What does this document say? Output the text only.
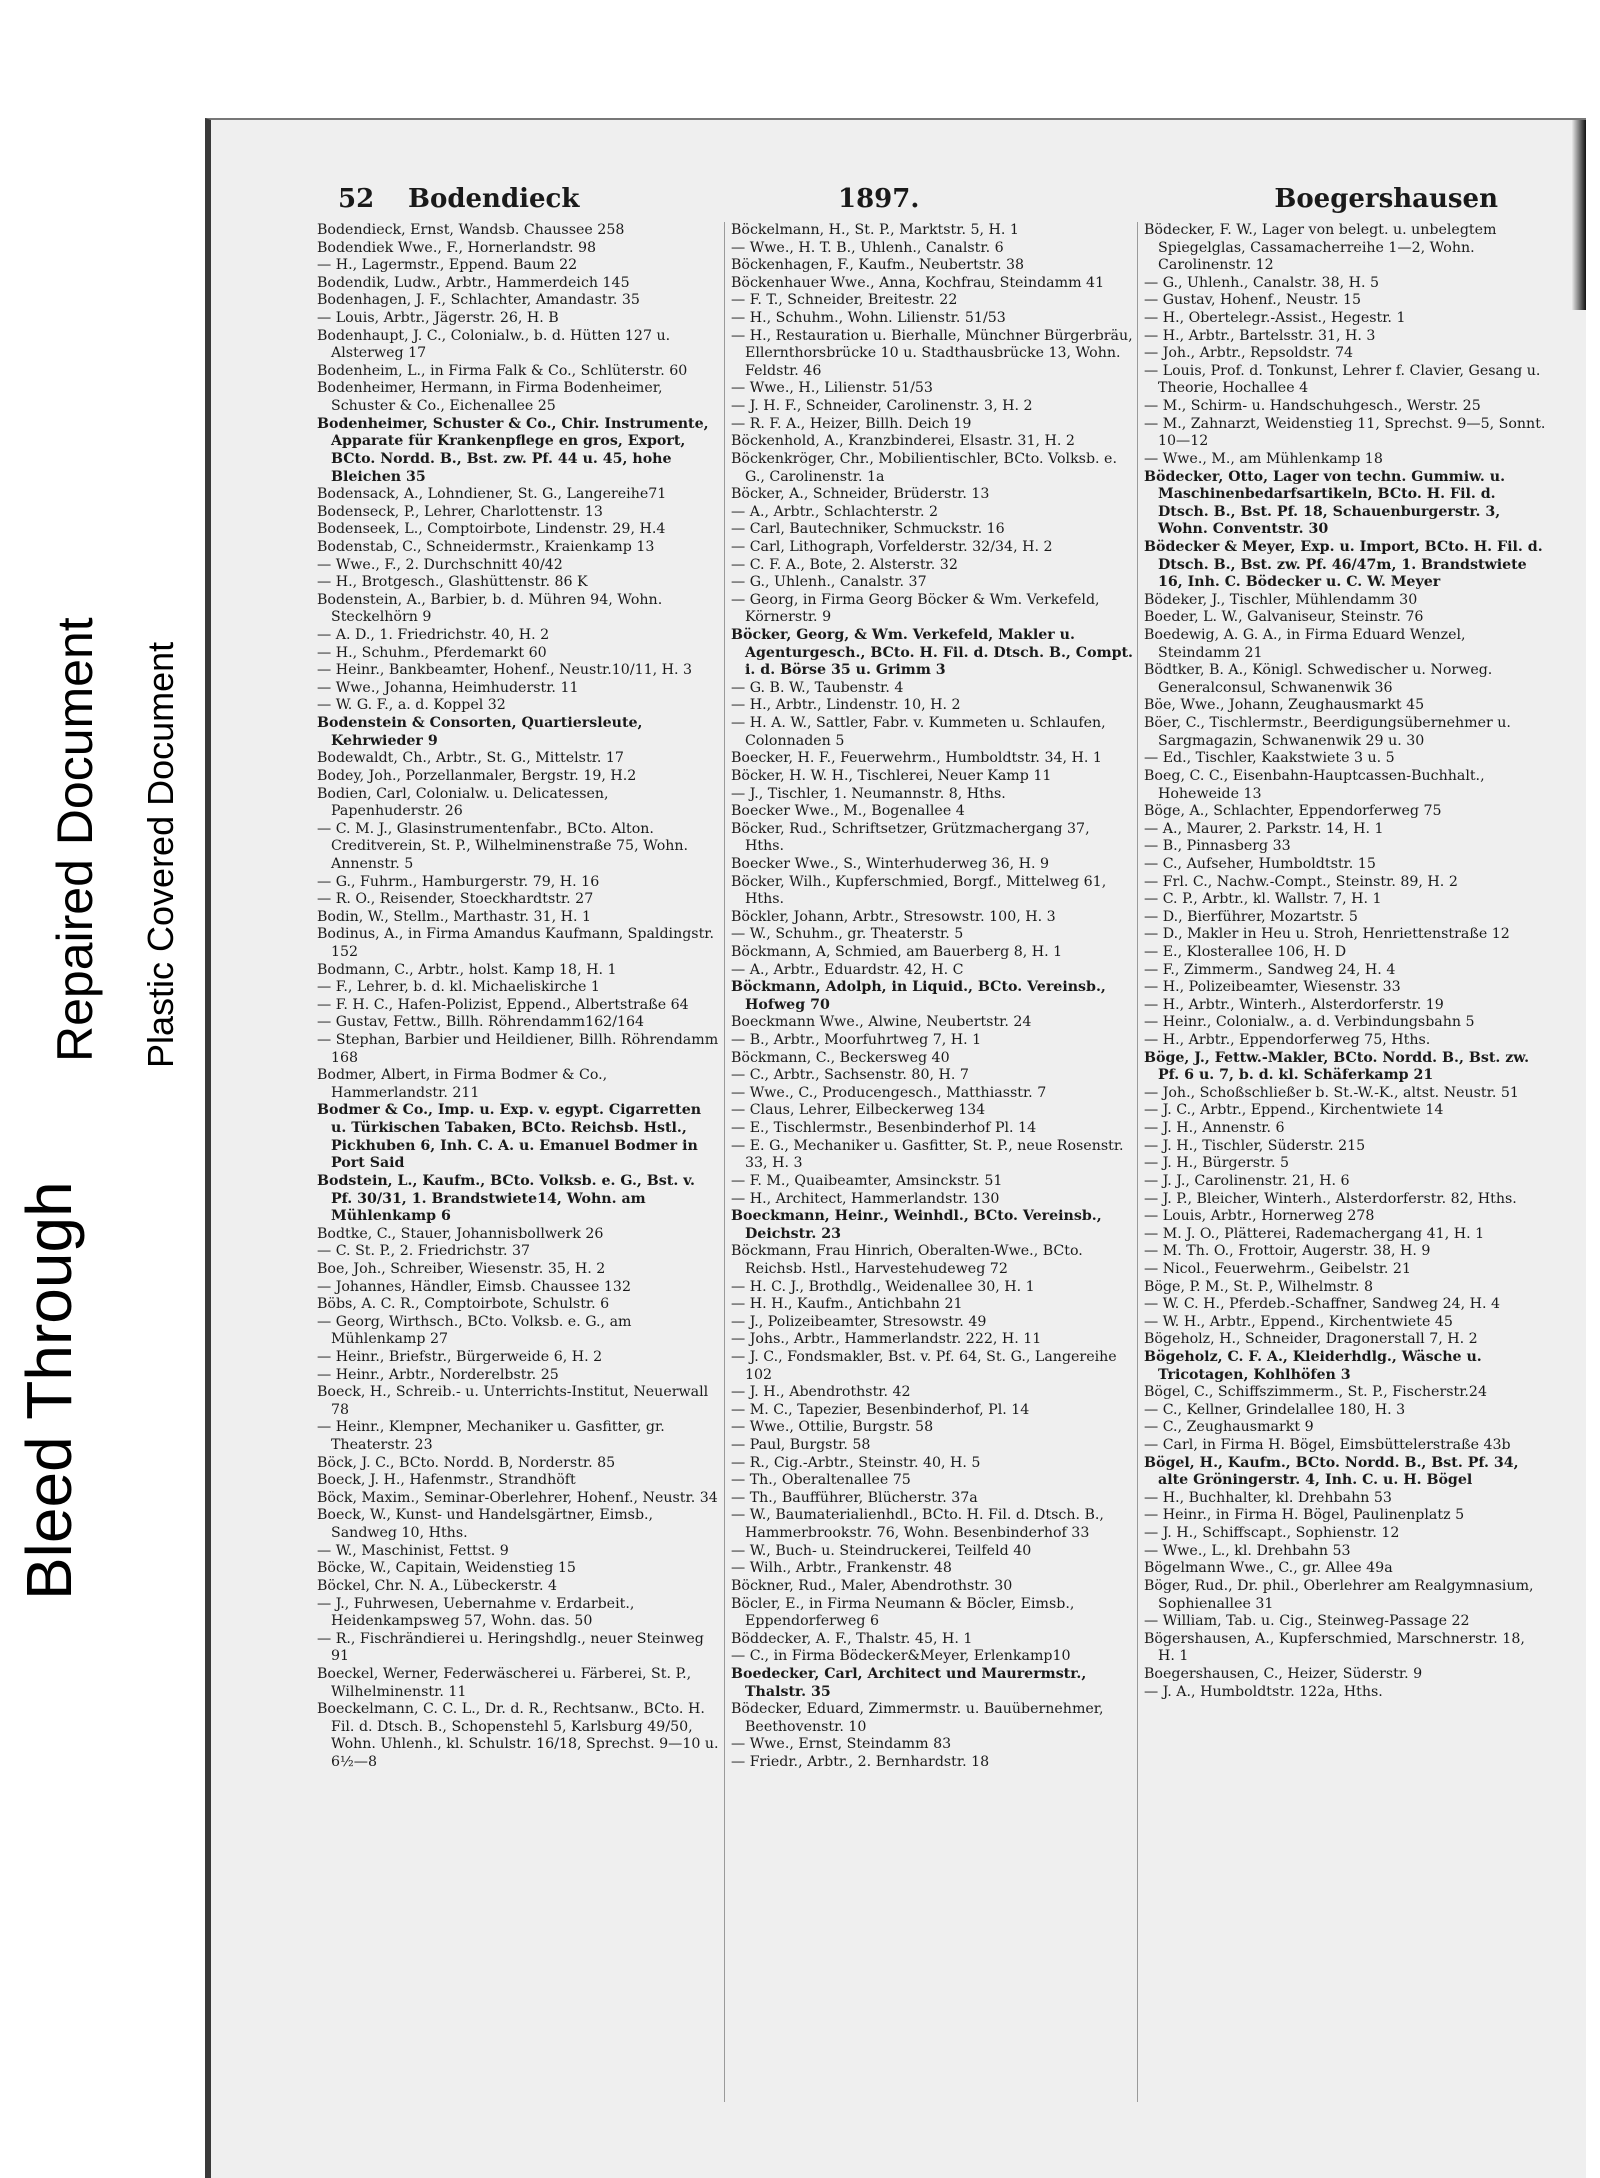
Bleed Through
Repaired Document Plastic Covered Document
52	Bodendieck	1897.	Boegershausen

Bodendieck, Ernst, Wandsb. Chaussee 258

Bodendiek Wwe., F., Hornerlandstr. 98

— H., Lagermstr., Eppend. Baum 22

Bodendik, Ludw., Arbtr., Hammerdeich 145

Bodenhagen, J. F., Schlachter, Amandastr. 35

— Louis, Arbtr., Jägerstr. 26, H. B

Bodenhaupt, J. C., Colonialw., b. d. Hütten 127 u. Alsterweg 17

Bodenheim, L., in Firma Falk & Co., Schlüterstr. 60

Bodenheimer, Hermann, in Firma Bodenheimer, Schuster & Co., Eichenallee 25

Bodenheimer, Schuster & Co., Chir. Instrumente, Apparate für Krankenpflege en gros, Export, BCto. Nordd. B., Bst. zw. Pf. 44 u. 45, hohe Bleichen 35

Bodensack, A., Lohndiener, St. G., Langereihe71

Bodenseck, P., Lehrer, Charlottenstr. 13

Bodenseek, L., Comptoirbote, Lindenstr. 29, H.4

Bodenstab, C., Schneidermstr., Kraienkamp 13

— Wwe., F., 2. Durchschnitt 40/42

— H., Brotgesch., Glashüttenstr. 86 K

Bodenstein, A., Barbier, b. d. Mühren 94, Wohn. Steckelhörn 9

— A. D., 1. Friedrichstr. 40, H. 2

— H., Schuhm., Pferdemarkt 60

— Heinr., Bankbeamter, Hohenf., Neustr.10/11, H. 3

— Wwe., Johanna, Heimhuderstr. 11

— W. G. F., a. d. Koppel 32

Bodenstein & Consorten, Quartiersleute, Kehrwieder 9

Bodewaldt, Ch., Arbtr., St. G., Mittelstr. 17

Bodey, Joh., Porzellanmaler, Bergstr. 19, H.2

Bodien, Carl, Colonialw. u. Delicatessen, Papenhuderstr. 26

— C. M. J., Glasinstrumentenfabr., BCto. Alton. Creditverein, St. P., Wilhelminenstraße 75, Wohn. Annenstr. 5

— G., Fuhrm., Hamburgerstr. 79, H. 16

— R. O., Reisender, Stoeckhardtstr. 27

Bodin, W., Stellm., Marthastr. 31, H. 1

Bodinus, A., in Firma Amandus Kaufmann, Spaldingstr. 152

Bodmann, C., Arbtr., holst. Kamp 18, H. 1

— F., Lehrer, b. d. kl. Michaeliskirche 1

— F. H. C., Hafen-Polizist, Eppend., Albertstraße 64

— Gustav, Fettw., Billh. Röhrendamm162/164

— Stephan, Barbier und Heildiener, Billh. Röhrendamm 168

Bodmer, Albert, in Firma Bodmer & Co., Hammerlandstr. 211

Bodmer & Co., Imp. u. Exp. v. egypt. Cigarretten u. Türkischen Tabaken, BCto. Reichsb. Hstl., Pickhuben 6, Inh. C. A. u. Emanuel Bodmer in Port Said

Bodstein, L., Kaufm., BCto. Volksb. e. G., Bst. v. Pf. 30/31, 1. Brandstwiete14, Wohn. am Mühlenkamp 6

Bodtke, C., Stauer, Johannisbollwerk 26

— C. St. P., 2. Friedrichstr. 37

Boe, Joh., Schreiber, Wiesenstr. 35, H. 2

— Johannes, Händler, Eimsb. Chaussee 132

Böbs, A. C. R., Comptoirbote, Schulstr. 6

— Georg, Wirthsch., BCto. Volksb. e. G., am Mühlenkamp 27

— Heinr., Briefstr., Bürgerweide 6, H. 2

— Heinr., Arbtr., Norderelbstr. 25

Boeck, H., Schreib.- u. Unterrichts-Institut, Neuerwall 78

— Heinr., Klempner, Mechaniker u. Gasfitter, gr. Theaterstr. 23

Böck, J. C., BCto. Nordd. B, Norderstr. 85

Boeck, J. H., Hafenmstr., Strandhöft

Böck, Maxim., Seminar-Oberlehrer, Hohenf., Neustr. 34

Boeck, W., Kunst- und Handelsgärtner, Eimsb., Sandweg 10, Hths.

— W., Maschinist, Fettst. 9

Böcke, W., Capitain, Weidenstieg 15

Böckel, Chr. N. A., Lübeckerstr. 4

— J., Fuhrwesen, Uebernahme v. Erdarbeit., Heidenkampsweg 57, Wohn. das. 50

— R., Fischrändierei u. Heringshdlg., neuer Steinweg 91

Boeckel, Werner, Federwäscherei u. Färberei, St. P., Wilhelminenstr. 11

Boeckelmann, C. C. L., Dr. d. R., Rechtsanw., BCto. H. Fil. d. Dtsch. B., Schopenstehl 5, Karlsburg 49/50, Wohn. Uhlenh., kl. Schulstr. 16/18, Sprechst. 9—10 u. 6½—8

Böckelmann, H., St. P., Marktstr. 5, H. 1

— Wwe., H. T. B., Uhlenh., Canalstr. 6

Böckenhagen, F., Kaufm., Neubertstr. 38

Böckenhauer Wwe., Anna, Kochfrau, Steindamm 41

— F. T., Schneider, Breitestr. 22

— H., Schuhm., Wohn. Lilienstr. 51/53

— H., Restauration u. Bierhalle, Münchner Bürgerbräu, Ellernthorsbrücke 10 u. Stadthausbrücke 13, Wohn. Feldstr. 46

— Wwe., H., Lilienstr. 51/53

— J. H. F., Schneider, Carolinenstr. 3, H. 2

— R. F. A., Heizer, Billh. Deich 19

Böckenhold, A., Kranzbinderei, Elsastr. 31, H. 2

Böckenkröger, Chr., Mobilientischler, BCto. Volksb. e. G., Carolinenstr. 1a

Böcker, A., Schneider, Brüderstr. 13

— A., Arbtr., Schlachterstr. 2

— Carl, Bautechniker, Schmuckstr. 16

— Carl, Lithograph, Vorfelderstr. 32/34, H. 2

— C. F. A., Bote, 2. Alsterstr. 32

— G., Uhlenh., Canalstr. 37

— Georg, in Firma Georg Böcker & Wm. Verkefeld, Körnerstr. 9

Böcker, Georg, & Wm. Verkefeld, Makler u. Agenturgesch., BCto. H. Fil. d. Dtsch. B., Compt. i. d. Börse 35 u. Grimm 3

— G. B. W., Taubenstr. 4

— H., Arbtr., Lindenstr. 10, H. 2

— H. A. W., Sattler, Fabr. v. Kummeten u. Schlaufen, Colonnaden 5

Boecker, H. F., Feuerwehrm., Humboldtstr. 34, H. 1

Böcker, H. W. H., Tischlerei, Neuer Kamp 11

— J., Tischler, 1. Neumannstr. 8, Hths.

Boecker Wwe., M., Bogenallee 4

Böcker, Rud., Schriftsetzer, Grützmachergang 37, Hths.

Boecker Wwe., S., Winterhuderweg 36, H. 9

Böcker, Wilh., Kupferschmied, Borgf., Mittelweg 61, Hths.

Böckler, Johann, Arbtr., Stresowstr. 100, H. 3

— W., Schuhm., gr. Theaterstr. 5

Böckmann, A, Schmied, am Bauerberg 8, H. 1

— A., Arbtr., Eduardstr. 42, H. C

Böckmann, Adolph, in Liquid., BCto. Vereinsb., Hofweg 70

Boeckmann Wwe., Alwine, Neubertstr. 24

— B., Arbtr., Moorfuhrtweg 7, H. 1

Böckmann, C., Beckersweg 40

— C., Arbtr., Sachsenstr. 80, H. 7

— Wwe., C., Producengesch., Matthiasstr. 7

— Claus, Lehrer, Eilbeckerweg 134

— E., Tischlermstr., Besenbinderhof Pl. 14

— E. G., Mechaniker u. Gasfitter, St. P., neue Rosenstr. 33, H. 3

— F. M., Quaibeamter, Amsinckstr. 51

— H., Architect, Hammerlandstr. 130

Boeckmann, Heinr., Weinhdl., BCto. Vereinsb., Deichstr. 23

Böckmann, Frau Hinrich, Oberalten-Wwe., BCto. Reichsb. Hstl., Harvestehudeweg 72

— H. C. J., Brothdlg., Weidenallee 30, H. 1

— H. H., Kaufm., Antichbahn 21

— J., Polizeibeamter, Stresowstr. 49

— Johs., Arbtr., Hammerlandstr. 222, H. 11

— J. C., Fondsmakler, Bst. v. Pf. 64, St. G., Langereihe 102

— J. H., Abendrothstr. 42

— M. C., Tapezier, Besenbinderhof, Pl. 14

— Wwe., Ottilie, Burgstr. 58

— Paul, Burgstr. 58

— R., Cig.-Arbtr., Steinstr. 40, H. 5

— Th., Oberaltenallee 75

— Th., Baufführer, Blücherstr. 37a

— W., Baumaterialienhdl., BCto. H. Fil. d. Dtsch. B., Hammerbrookstr. 76, Wohn. Besenbinderhof 33

— W., Buch- u. Steindruckerei, Teilfeld 40

— Wilh., Arbtr., Frankenstr. 48

Böckner, Rud., Maler, Abendrothstr. 30

Böcler, E., in Firma Neumann & Böcler, Eimsb., Eppendorferweg 6

Böddecker, A. F., Thalstr. 45, H. 1

— C., in Firma Bödecker&Meyer, Erlenkamp10

Boedecker, Carl, Architect und Maurermstr., Thalstr. 35

Bödecker, Eduard, Zimmermstr. u. Bauübernehmer, Beethovenstr. 10

— Wwe., Ernst, Steindamm 83

— Friedr., Arbtr., 2. Bernhardstr. 18

Bödecker, F. W., Lager von belegt. u. unbelegtem Spiegelglas, Cassamacherreihe 1—2, Wohn. Carolinenstr. 12

— G., Uhlenh., Canalstr. 38, H. 5

— Gustav, Hohenf., Neustr. 15

— H., Obertelegr.-Assist., Hegestr. 1

— H., Arbtr., Bartelsstr. 31, H. 3

— Joh., Arbtr., Repsoldstr. 74

— Louis, Prof. d. Tonkunst, Lehrer f. Clavier, Gesang u. Theorie, Hochallee 4

— M., Schirm- u. Handschuhgesch., Werstr. 25

— M., Zahnarzt, Weidenstieg 11, Sprechst. 9—5, Sonnt. 10—12

— Wwe., M., am Mühlenkamp 18

Bödecker, Otto, Lager von techn. Gummiw. u. Maschinenbedarfsartikeln, BCto. H. Fil. d. Dtsch. B., Bst. Pf. 18, Schauenburgerstr. 3, Wohn. Conventstr. 30

Bödecker & Meyer, Exp. u. Import, BCto. H. Fil. d. Dtsch. B., Bst. zw. Pf. 46/47m, 1. Brandstwiete 16, Inh. C. Bödecker u. C. W. Meyer

Bödeker, J., Tischler, Mühlendamm 30

Boeder, L. W., Galvaniseur, Steinstr. 76

Boedewig, A. G. A., in Firma Eduard Wenzel, Steindamm 21

Bödtker, B. A., Königl. Schwedischer u. Norweg. Generalconsul, Schwanenwik 36

Böe, Wwe., Johann, Zeughausmarkt 45

Böer, C., Tischlermstr., Beerdigungsübernehmer u. Sargmagazin, Schwanenwik 29 u. 30

— Ed., Tischler, Kaakstwiete 3 u. 5

Boeg, C. C., Eisenbahn-Hauptcassen-Buchhalt., Hoheweide 13

Böge, A., Schlachter, Eppendorferweg 75

— A., Maurer, 2. Parkstr. 14, H. 1

— B., Pinnasberg 33

— C., Aufseher, Humboldtstr. 15

— Frl. C., Nachw.-Compt., Steinstr. 89, H. 2

— C. P., Arbtr., kl. Wallstr. 7, H. 1

— D., Bierführer, Mozartstr. 5

— D., Makler in Heu u. Stroh, Henriettenstraße 12

— E., Klosterallee 106, H. D

— F., Zimmerm., Sandweg 24, H. 4

— H., Polizeibeamter, Wiesenstr. 33

— H., Arbtr., Winterh., Alsterdorferstr. 19

— Heinr., Colonialw., a. d. Verbindungsbahn 5

— H., Arbtr., Eppendorferweg 75, Hths.

Böge, J., Fettw.-Makler, BCto. Nordd. B., Bst. zw. Pf. 6 u. 7, b. d. kl. Schäferkamp 21

— Joh., Schoßschließer b. St.-W.-K., altst. Neustr. 51

— J. C., Arbtr., Eppend., Kirchentwiete 14

— J. H., Annenstr. 6

— J. H., Tischler, Süderstr. 215

— J. H., Bürgerstr. 5

— J. J., Carolinenstr. 21, H. 6

— J. P., Bleicher, Winterh., Alsterdorferstr. 82, Hths.

— Louis, Arbtr., Hornerweg 278

— M. J. O., Plätterei, Rademachergang 41, H. 1

— M. Th. O., Frottoir, Augerstr. 38, H. 9

— Nicol., Feuerwehrm., Geibelstr. 21

Böge, P. M., St. P., Wilhelmstr. 8

— W. C. H., Pferdeb.-Schaffner, Sandweg 24, H. 4

— W. H., Arbtr., Eppend., Kirchentwiete 45

Bögeholz, H., Schneider, Dragonerstall 7, H. 2

Bögeholz, C. F. A., Kleiderhdlg., Wäsche u. Tricotagen, Kohlhöfen 3

Bögel, C., Schiffszimmerm., St. P., Fischerstr.24

— C., Kellner, Grindelallee 180, H. 3

— C., Zeughausmarkt 9

— Carl, in Firma H. Bögel, Eimsbüttelerstraße 43b

Bögel, H., Kaufm., BCto. Nordd. B., Bst. Pf. 34, alte Gröningerstr. 4, Inh. C. u. H. Bögel

— H., Buchhalter, kl. Drehbahn 53

— Heinr., in Firma H. Bögel, Paulinenplatz 5

— J. H., Schiffscapt., Sophienstr. 12

— Wwe., L., kl. Drehbahn 53

Bögelmann Wwe., C., gr. Allee 49a

Böger, Rud., Dr. phil., Oberlehrer am Realgymnasium, Sophienallee 31

— William, Tab. u. Cig., Steinweg-Passage 22

Bögershausen, A., Kupferschmied, Marschnerstr. 18, H. 1

Boegershausen, C., Heizer, Süderstr. 9

— J. A., Humboldtstr. 122a, Hths.
